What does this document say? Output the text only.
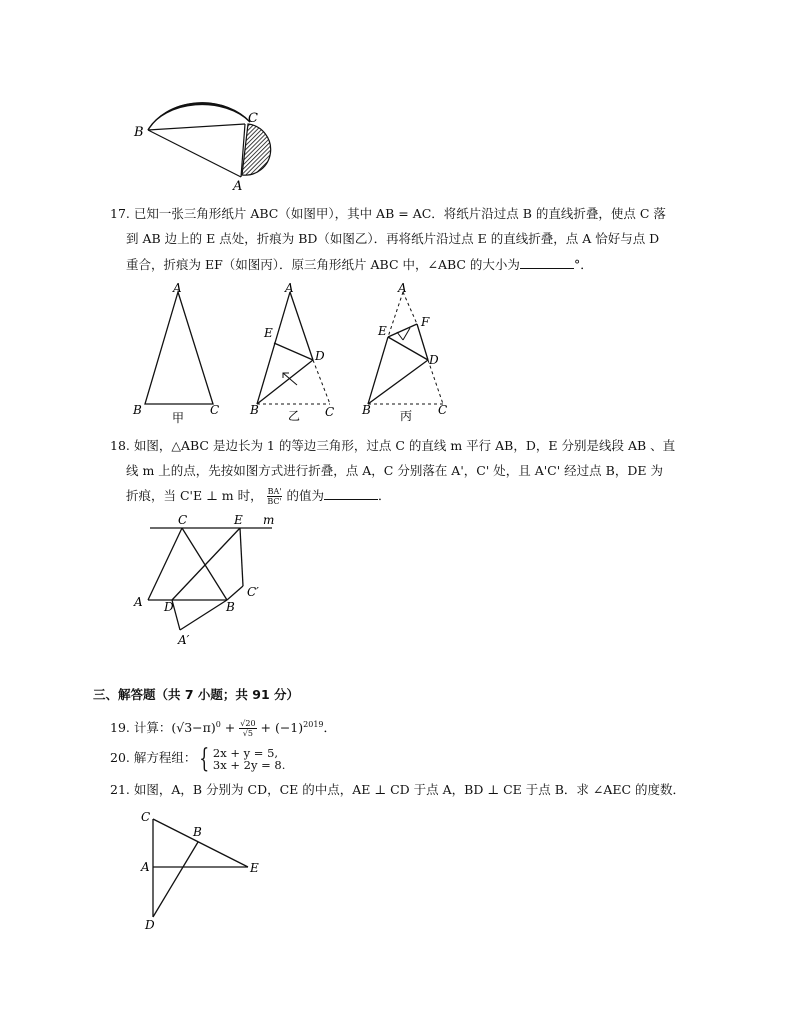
B
C
A
17. 已知一张三角形纸片 ABC（如图甲），其中 AB = AC．将纸片沿过点 B 的直线折叠，使点 C 落
到 AB 边上的 E 点处，折痕为 BD（如图乙）．再将纸片沿过点 E 的直线折叠，点 A 恰好与点 D
重合，折痕为 EF（如图丙）．原三角形纸片 ABC 中，∠ABC 的大小为	°．
A
B	C
甲
A
E
D
B	C
乙
A
F
E
D
B	C
丙
18. 如图，△ABC 是边长为 1 的等边三角形，过点 C 的直线 m 平行 AB，D，E 分别是线段 AB 、直
线 m 上的点，先按如图方式进行折叠，点 A，C 分别落在 A'，C' 处，且 A'C' 经过点 B，DE 为
折痕，当 C'E ⊥ m 时， $\frac{BA'}{BC'}$ 的值为	．
C	E m
A D	B
C′
A′
三、解答题（共 7 小题；共 91 分）
19. 计算：$(√3-\pi)^0 + \frac{√20}{√5} + (-1)^{2019}$．
20. 解方程组： { 2x + y = 5,
3x + 2y = 8.
21. 如图，A，B 分别为 CD，CE 的中点，AE ⊥ CD 于点 A，BD ⊥ CE 于点 B．求 ∠AEC 的度数．
C
B
A	E
D
